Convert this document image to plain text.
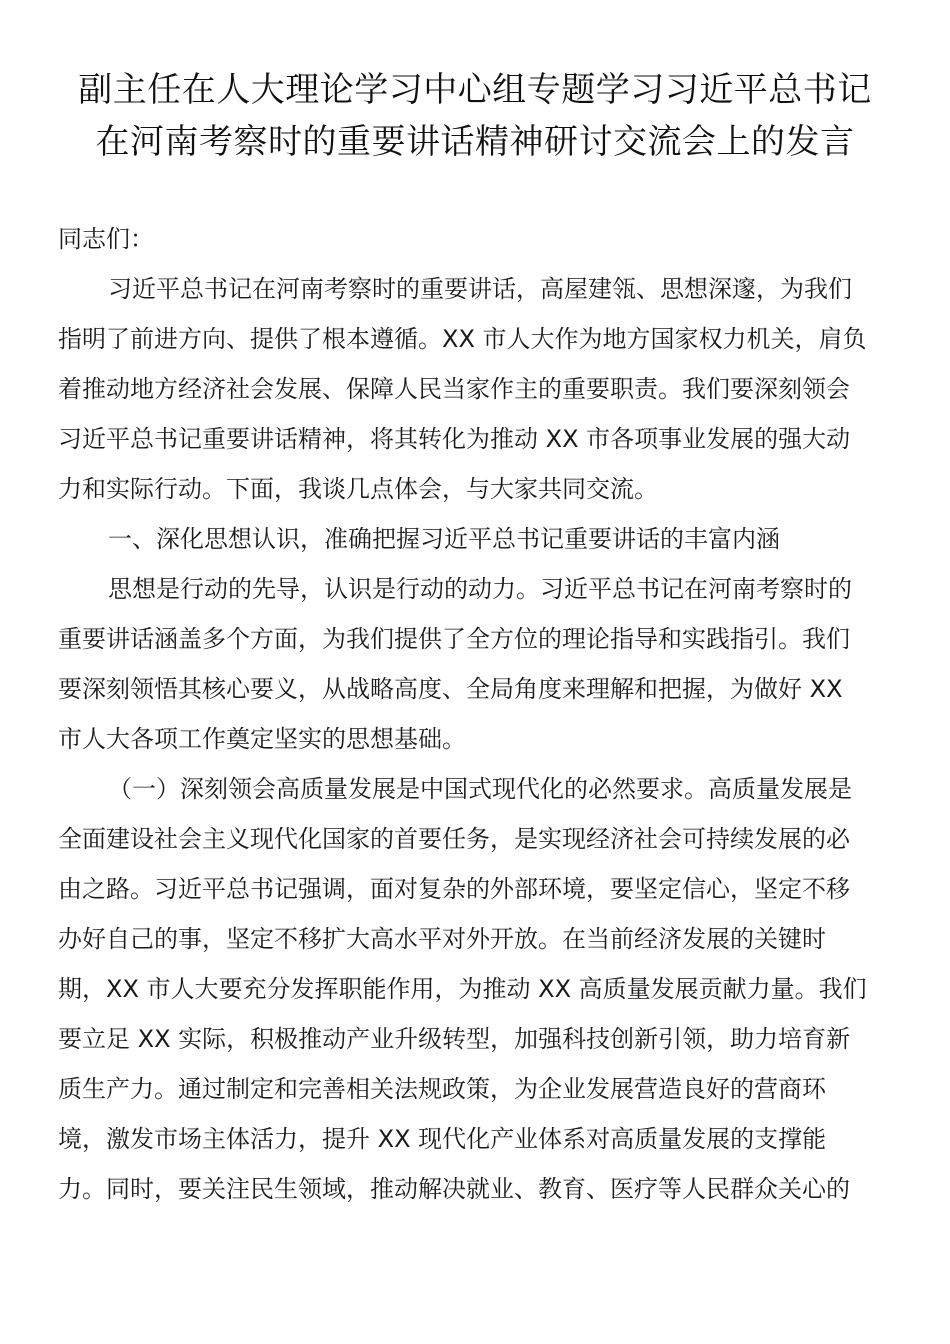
副主任在人大理论学习中心组专题学习习近平总书记
在河南考察时的重要讲话精神研讨交流会上的发言
同志们：
习近平总书记在河南考察时的重要讲话，高屋建瓴、思想深邃，为我们
指明了前进方向、提供了根本遵循。XX 市人大作为地方国家权力机关，肩负
着推动地方经济社会发展、保障人民当家作主的重要职责。我们要深刻领会
习近平总书记重要讲话精神，将其转化为推动 XX 市各项事业发展的强大动
力和实际行动。下面，我谈几点体会，与大家共同交流。
一、深化思想认识，准确把握习近平总书记重要讲话的丰富内涵
思想是行动的先导，认识是行动的动力。习近平总书记在河南考察时的
重要讲话涵盖多个方面，为我们提供了全方位的理论指导和实践指引。我们
要深刻领悟其核心要义，从战略高度、全局角度来理解和把握，为做好 XX
市人大各项工作奠定坚实的思想基础。
（一）深刻领会高质量发展是中国式现代化的必然要求。高质量发展是
全面建设社会主义现代化国家的首要任务，是实现经济社会可持续发展的必
由之路。习近平总书记强调，面对复杂的外部环境，要坚定信心，坚定不移
办好自己的事，坚定不移扩大高水平对外开放。在当前经济发展的关键时
期，XX 市人大要充分发挥职能作用，为推动 XX 高质量发展贡献力量。我们
要立足 XX 实际，积极推动产业升级转型，加强科技创新引领，助力培育新
质生产力。通过制定和完善相关法规政策，为企业发展营造良好的营商环
境，激发市场主体活力，提升 XX 现代化产业体系对高质量发展的支撑能
力。同时，要关注民生领域，推动解决就业、教育、医疗等人民群众关心的
